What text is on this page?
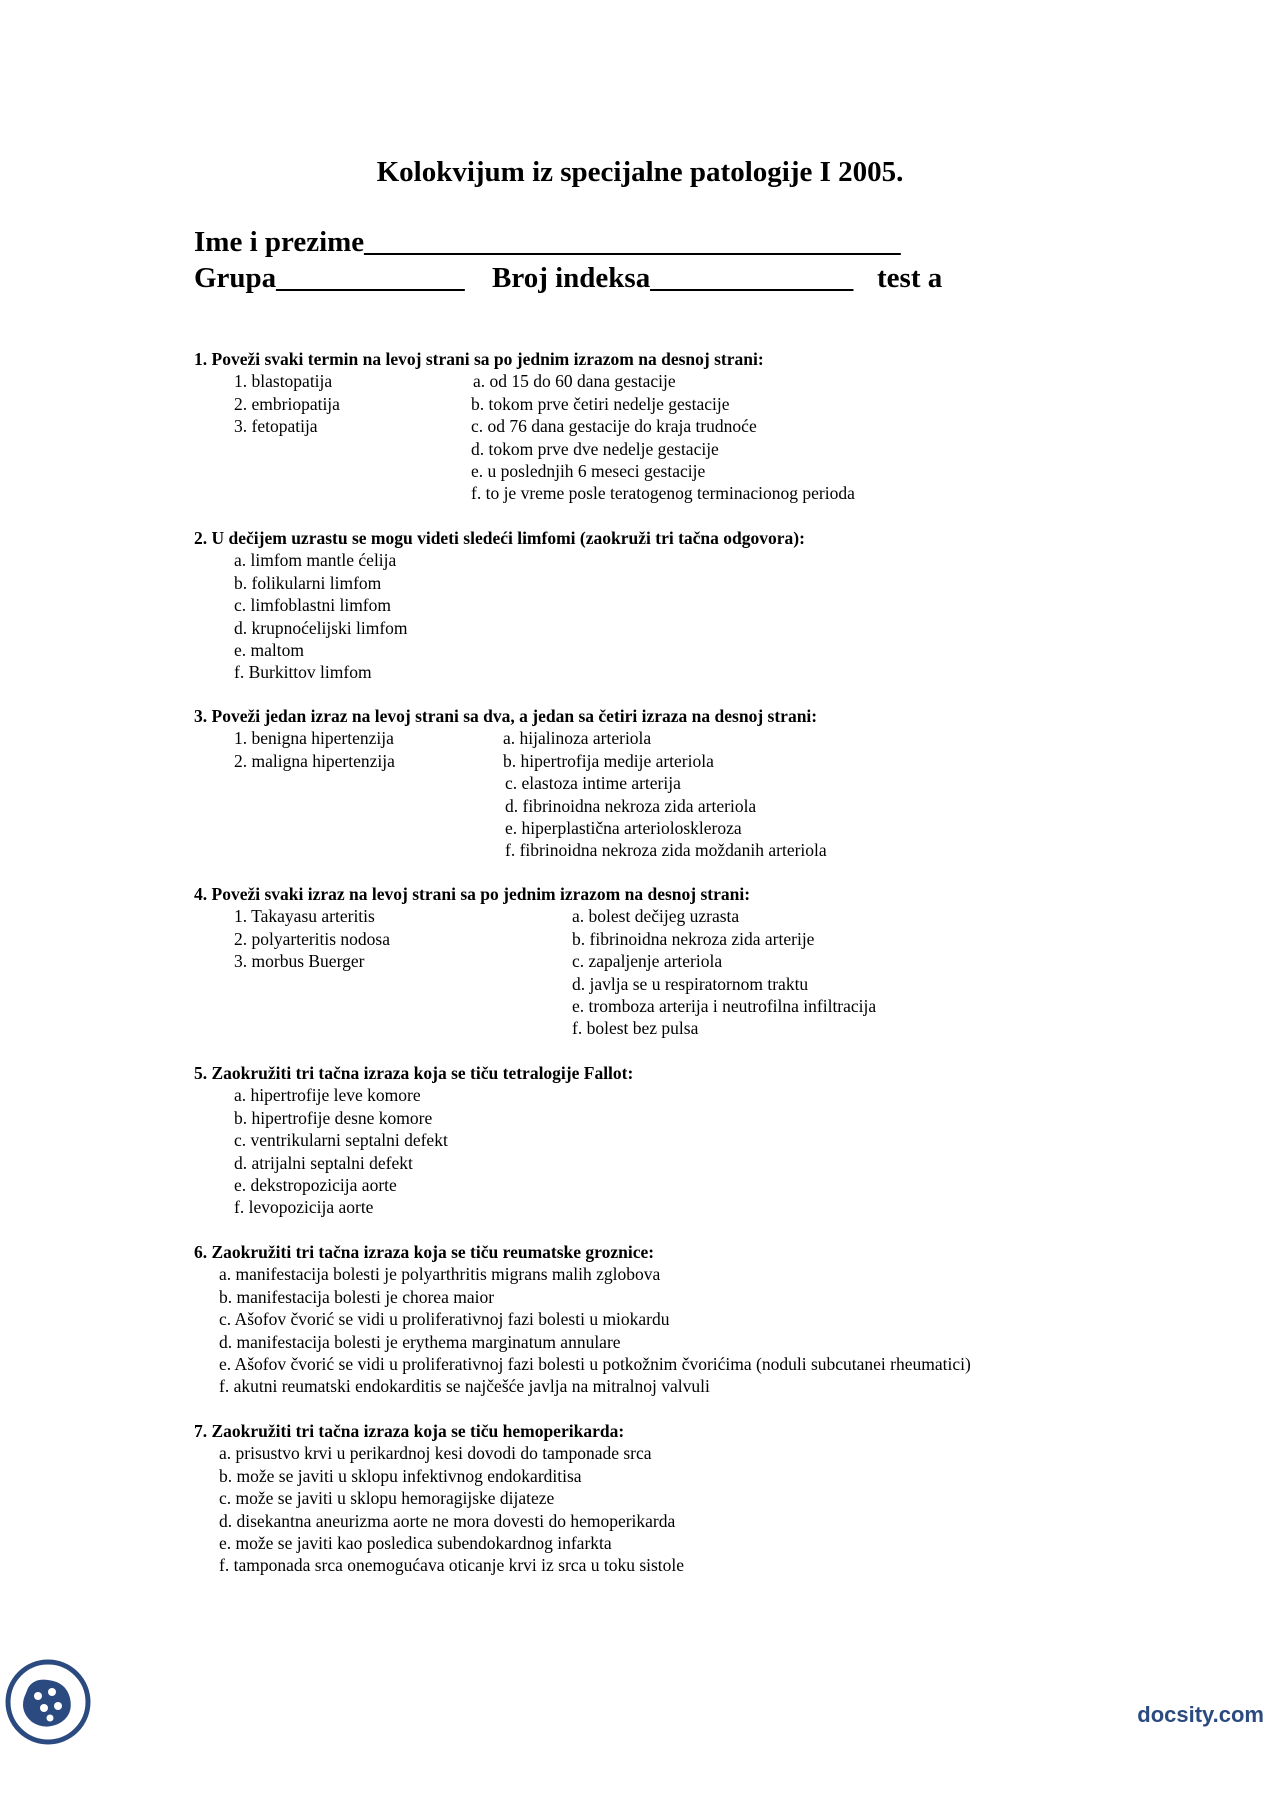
Kolokvijum iz specijalne patologije I 2005.
Ime i prezime_____________________________________
Grupa_____________ Broj indeksa______________ test a
1. Poveži svaki termin na levoj strani sa po jednim izrazom na desnoj strani:
1. blastopatija	a. od 15 do 60 dana gestacije
2. embriopatija	b. tokom prve četiri nedelje gestacije
3. fetopatija	c. od 76 dana gestacije do kraja trudnoće
d. tokom prve dve nedelje gestacije
e. u poslednjih 6 meseci gestacije
f. to je vreme posle teratogenog terminacionog perioda
2. U dečijem uzrastu se mogu videti sledeći limfomi (zaokruži tri tačna odgovora):
a. limfom mantle ćelija
b. folikularni limfom
c. limfoblastni limfom
d. krupnoćelijski limfom
e. maltom
f. Burkittov limfom
3. Poveži jedan izraz na levoj strani sa dva, a jedan sa četiri izraza na desnoj strani:
1. benigna hipertenzija	a. hijalinoza arteriola
2. maligna hipertenzija	b. hipertrofija medije arteriola
c. elastoza intime arterija
d. fibrinoidna nekroza zida arteriola
e. hiperplastična arterioloskleroza
f. fibrinoidna nekroza zida moždanih arteriola
4. Poveži svaki izraz na levoj strani sa po jednim izrazom na desnoj strani:
1. Takayasu arteritis	a. bolest dečijeg uzrasta
2. polyarteritis nodosa	b. fibrinoidna nekroza zida arterije
3. morbus Buerger	c. zapaljenje arteriola
d. javlja se u respiratornom traktu
e. tromboza arterija i neutrofilna infiltracija
f. bolest bez pulsa
5. Zaokružiti tri tačna izraza koja se tiču tetralogije Fallot:
a. hipertrofije leve komore
b. hipertrofije desne komore
c. ventrikularni septalni defekt
d. atrijalni septalni defekt
e. dekstropozicija aorte
f. levopozicija aorte
6. Zaokružiti tri tačna izraza koja se tiču reumatske groznice:
a. manifestacija bolesti je polyarthritis migrans malih zglobova
b. manifestacija bolesti je chorea maior
c. Ašofov čvorić se vidi u proliferativnoj fazi bolesti u miokardu
d. manifestacija bolesti je erythema marginatum annulare
e. Ašofov čvorić se vidi u proliferativnoj fazi bolesti u potkožnim čvorićima (noduli subcutanei rheumatici)
f. akutni reumatski endokarditis se najčešće javlja na mitralnoj valvuli
7. Zaokružiti tri tačna izraza koja se tiču hemoperikarda:
a. prisustvo krvi u perikardnoj kesi dovodi do tamponade srca
b. može se javiti u sklopu infektivnog endokarditisa
c. može se javiti u sklopu hemoragijske dijateze
d. disekantna aneurizma aorte ne mora dovesti do hemoperikarda
e. može se javiti kao posledica subendokardnog infarkta
f. tamponada srca onemogućava oticanje krvi iz srca u toku sistole
docsity.com
